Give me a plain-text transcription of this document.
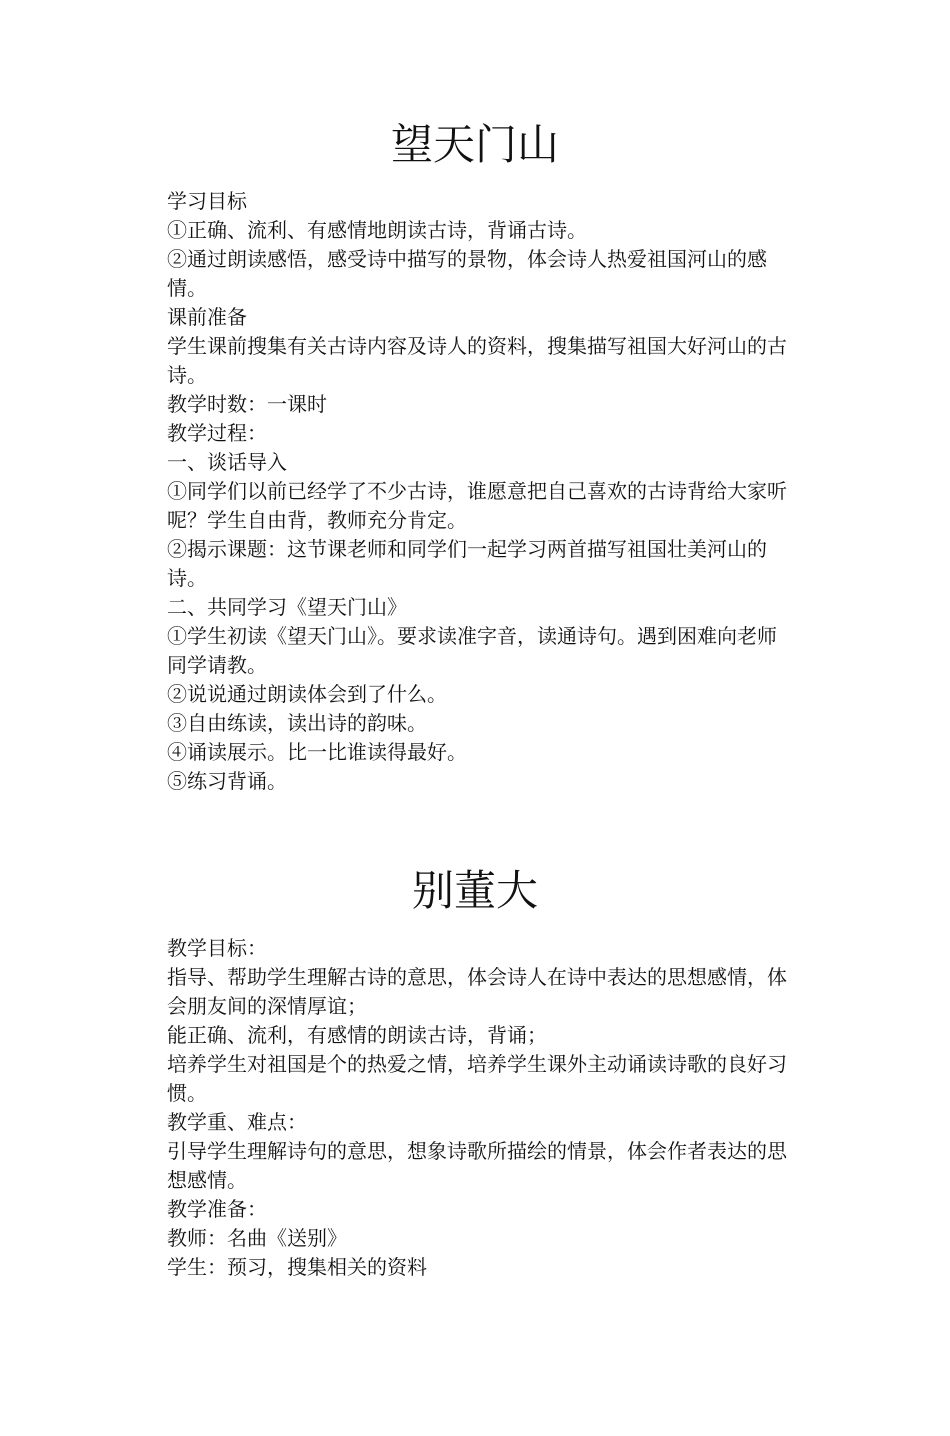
望天门山

学习目标

①正确、流利、有感情地朗读古诗，背诵古诗。

②通过朗读感悟，感受诗中描写的景物，体会诗人热爱祖国河山的感情。

课前准备

学生课前搜集有关古诗内容及诗人的资料，搜集描写祖国大好河山的古诗。

教学时数：一课时

教学过程：

一、谈话导入

①同学们以前已经学了不少古诗，谁愿意把自己喜欢的古诗背给大家听呢？学生自由背，教师充分肯定。

②揭示课题：这节课老师和同学们一起学习两首描写祖国壮美河山的诗。

二、共同学习《望天门山》

①学生初读《望天门山》。要求读准字音，读通诗句。遇到困难向老师同学请教。

②说说通过朗读体会到了什么。

③自由练读，读出诗的韵味。

④诵读展示。比一比谁读得最好。

⑤练习背诵。

别董大

教学目标：

指导、帮助学生理解古诗的意思，体会诗人在诗中表达的思想感情，体会朋友间的深情厚谊；

能正确、流利，有感情的朗读古诗，背诵；

培养学生对祖国是个的热爱之情，培养学生课外主动诵读诗歌的良好习惯。

教学重、难点：

引导学生理解诗句的意思，想象诗歌所描绘的情景，体会作者表达的思想感情。

教学准备：

教师：名曲《送别》

学生：预习，搜集相关的资料
